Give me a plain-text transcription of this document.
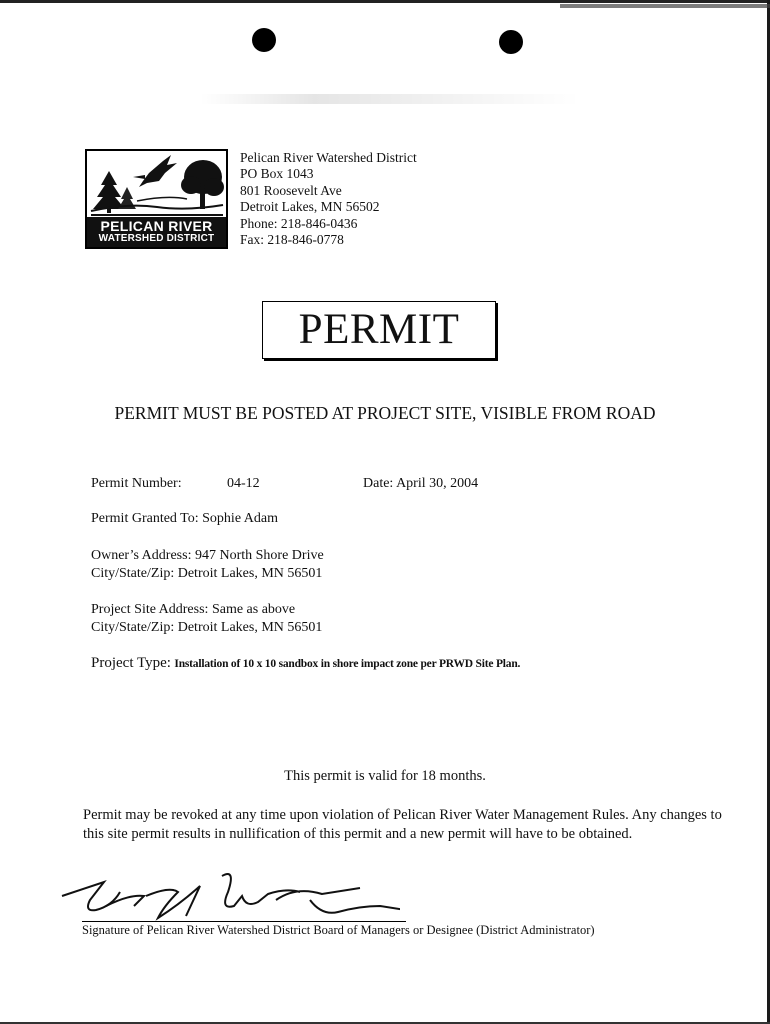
PELICAN RIVER
WATERSHED DISTRICT
Pelican River Watershed District
PO Box 1043
801 Roosevelt Ave
Detroit Lakes, MN 56502
Phone: 218-846-0436
Fax: 218-846-0778
PERMIT
PERMIT MUST BE POSTED AT PROJECT SITE, VISIBLE FROM ROAD
Permit Number:	04-12	Date: April 30, 2004
Permit Granted To: Sophie Adam
Owner’s Address: 947 North Shore Drive
City/State/Zip: Detroit Lakes, MN 56501
Project Site Address: Same as above
City/State/Zip: Detroit Lakes, MN 56501
Project Type: Installation of 10 x 10 sandbox in shore impact zone per PRWD Site Plan.
This permit is valid for 18 months.
Permit may be revoked at any time upon violation of Pelican River Water Management Rules. Any changes to this site permit results in nullification of this permit and a new permit will have to be obtained.
Signature of Pelican River Watershed District Board of Managers or Designee (District Administrator)
